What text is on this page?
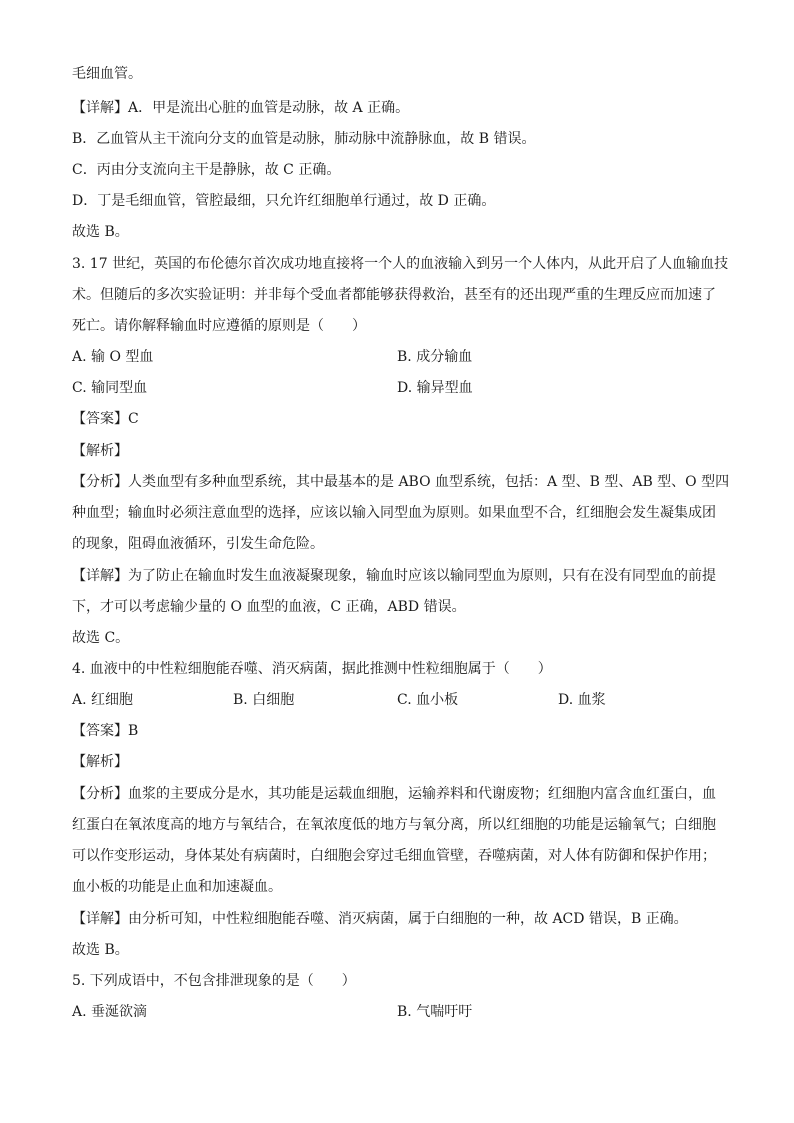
毛细血管。
【详解】A．甲是流出心脏的血管是动脉，故 A 正确。
B．乙血管从主干流向分支的血管是动脉，肺动脉中流静脉血，故 B 错误。
C．丙由分支流向主干是静脉，故 C 正确。
D．丁是毛细血管，管腔最细，只允许红细胞单行通过，故 D 正确。
故选 B。
3. 17 世纪，英国的布伦德尔首次成功地直接将一个人的血液输入到另一个人体内，从此开启了人血输血技
术。但随后的多次实验证明：并非每个受血者都能够获得救治，甚至有的还出现严重的生理反应而加速了
死亡。请你解释输血时应遵循的原则是（　　）
A. 输 O 型血	B. 成分输血
C. 输同型血	D. 输异型血
【答案】C
【解析】
【分析】人类血型有多种血型系统，其中最基本的是 ABO 血型系统，包括：A 型、B 型、AB 型、O 型四
种血型；输血时必须注意血型的选择，应该以输入同型血为原则。如果血型不合，红细胞会发生凝集成团
的现象，阻碍血液循环，引发生命危险。
【详解】为了防止在输血时发生血液凝聚现象，输血时应该以输同型血为原则，只有在没有同型血的前提
下，才可以考虑输少量的 O 血型的血液，C 正确，ABD 错误。
故选 C。
4. 血液中的中性粒细胞能吞噬、消灭病菌，据此推测中性粒细胞属于（　　）
A. 红细胞	B. 白细胞	C. 血小板	D. 血浆
【答案】B
【解析】
【分析】血浆的主要成分是水，其功能是运载血细胞，运输养料和代谢废物；红细胞内富含血红蛋白，血
红蛋白在氧浓度高的地方与氧结合，在氧浓度低的地方与氧分离，所以红细胞的功能是运输氧气；白细胞
可以作变形运动，身体某处有病菌时，白细胞会穿过毛细血管壁，吞噬病菌，对人体有防御和保护作用；
血小板的功能是止血和加速凝血。
【详解】由分析可知，中性粒细胞能吞噬、消灭病菌，属于白细胞的一种，故 ACD 错误，B 正确。
故选 B。
5. 下列成语中，不包含排泄现象的是（　　）
A. 垂涎欲滴	B. 气喘吁吁
